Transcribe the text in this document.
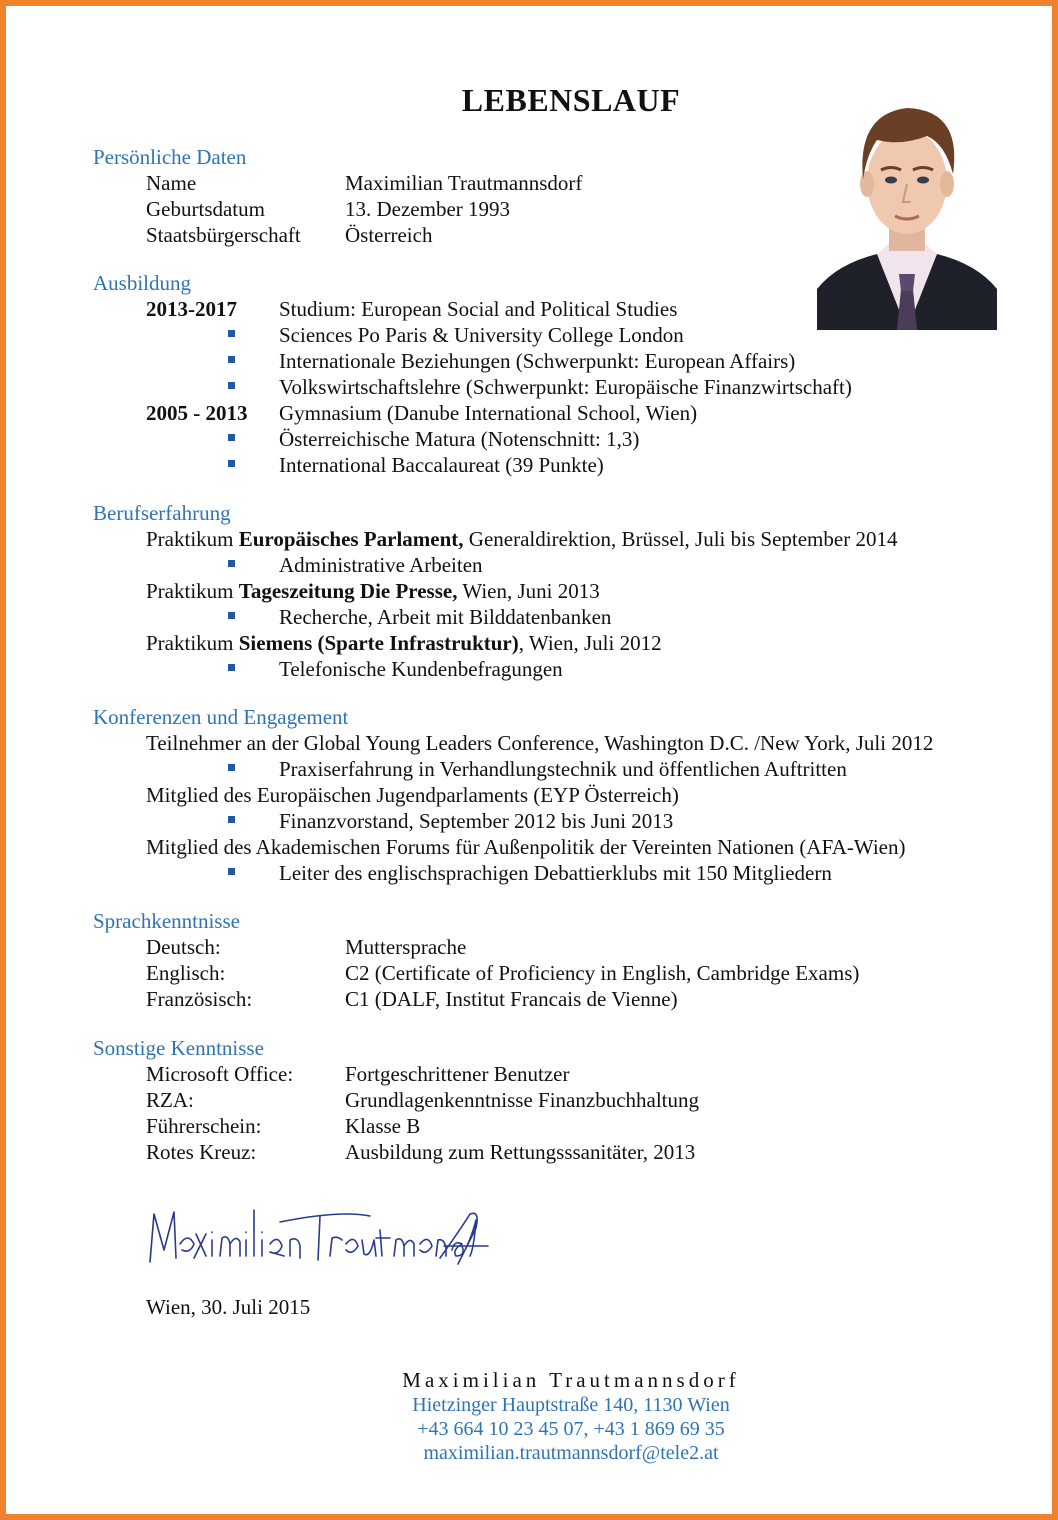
LEBENSLAUF
Persönliche Daten
Name	Maximilian Trautmannsdorf
Geburtsdatum	13. Dezember 1993
Staatsbürgerschaft Österreich
Ausbildung
2013-2017 Studium: European Social and Political Studies
Sciences Po Paris & University College London
Internationale Beziehungen (Schwerpunkt: European Affairs)
Volkswirtschaftslehre (Schwerpunkt: Europäische Finanzwirtschaft)
2005 - 2013 Gymnasium (Danube International School, Wien)
Österreichische Matura (Notenschnitt: 1,3)
International Baccalaureat (39 Punkte)
Berufserfahrung
Praktikum Europäisches Parlament, Generaldirektion, Brüssel, Juli bis September 2014
Administrative Arbeiten
Praktikum Tageszeitung Die Presse, Wien, Juni 2013
Recherche, Arbeit mit Bilddatenbanken
Praktikum Siemens (Sparte Infrastruktur), Wien, Juli 2012
Telefonische Kundenbefragungen
Konferenzen und Engagement
Teilnehmer an der Global Young Leaders Conference, Washington D.C. /New York, Juli 2012
Praxiserfahrung in Verhandlungstechnik und öffentlichen Auftritten
Mitglied des Europäischen Jugendparlaments (EYP Österreich)
Finanzvorstand, September 2012 bis Juni 2013
Mitglied des Akademischen Forums für Außenpolitik der Vereinten Nationen (AFA-Wien)
Leiter des englischsprachigen Debattierklubs mit 150 Mitgliedern
Sprachkenntnisse
Deutsch:	Muttersprache
Englisch:	C2 (Certificate of Proficiency in English, Cambridge Exams)
Französisch:	C1 (DALF, Institut Francais de Vienne)
Sonstige Kenntnisse
Microsoft Office: Fortgeschrittener Benutzer
RZA:	Grundlagenkenntnisse Finanzbuchhaltung
Führerschein:	Klasse B
Rotes Kreuz:	Ausbildung zum Rettungsssanitäter, 2013
Wien, 30. Juli 2015
Maximilian Trautmannsdorf
Hietzinger Hauptstraße 140, 1130 Wien
+43 664 10 23 45 07, +43 1 869 69 35
maximilian.trautmannsdorf@tele2.at
